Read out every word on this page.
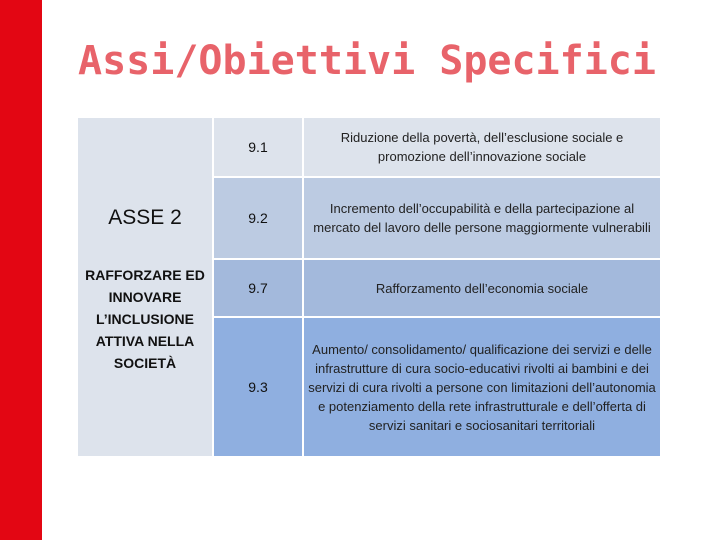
Assi/Obiettivi Specifici
ASSE 2
RAFFORZARE ED INNOVARE L’INCLUSIONE ATTIVA NELLA SOCIETÀ
9.1
Riduzione della povertà, dell’esclusione sociale e promozione dell’innovazione sociale
9.2
Incremento dell’occupabilità e della partecipazione al mercato del lavoro delle persone maggiormente vulnerabili
9.7	Rafforzamento dell’economia sociale
9.3
Aumento/ consolidamento/ qualificazione dei servizi e delle infrastrutture di cura socio-educativi rivolti ai bambini e dei servizi di cura rivolti a persone con limitazioni dell’autonomia e potenziamento della rete infrastrutturale e dell’offerta di servizi sanitari e sociosanitari territoriali
